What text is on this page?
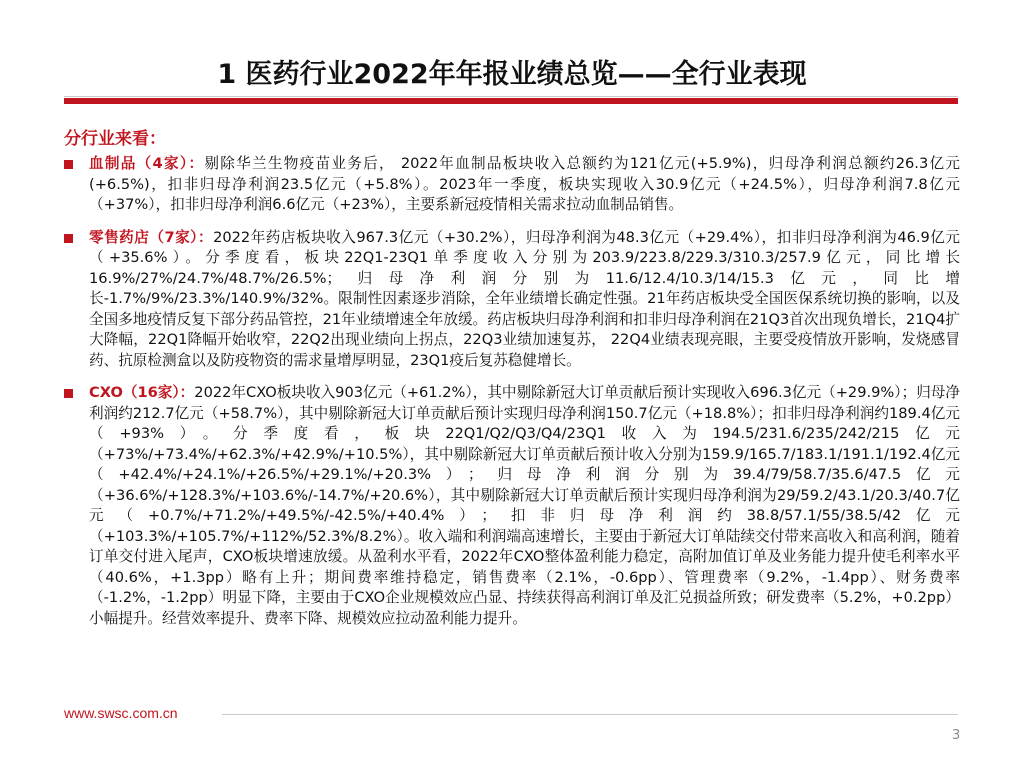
1 医药行业2022年年报业绩总览——全行业表现
分行业来看：
血制品（4家）：剔除华兰生物疫苗业务后， 2022年血制品板块收入总额约为121亿元(+5.9%)，归母净利润总额约26.3亿元(+6.5%)，扣非归母净利润23.5亿元（+5.8%）。2023年一季度，板块实现收入30.9亿元（+24.5%），归母净利润7.8亿元（+37%），扣非归母净利润6.6亿元（+23%），主要系新冠疫情相关需求拉动血制品销售。
零售药店（7家）：2022年药店板块收入967.3亿元（+30.2%），归母净利润为48.3亿元（+29.4%），扣非归母净利润为46.9亿元（+35.6%）。分季度看，板块22Q1-23Q1单季度收入分别为203.9/223.8/229.3/310.3/257.9亿元，同比增长16.9%/27%/24.7%/48.7%/26.5%；归母净利润分别为11.6/12.4/10.3/14/15.3亿元，同比增长-1.7%/9%/23.3%/140.9%/32%。限制性因素逐步消除，全年业绩增长确定性强。21年药店板块受全国医保系统切换的影响，以及全国多地疫情反复下部分药品管控，21年业绩增速全年放缓。药店板块归母净利润和扣非归母净利润在21Q3首次出现负增长，21Q4扩大降幅，22Q1降幅开始收窄，22Q2出现业绩向上拐点，22Q3业绩加速复苏， 22Q4业绩表现亮眼，主要受疫情放开影响，发烧感冒药、抗原检测盒以及防疫物资的需求量增厚明显，23Q1疫后复苏稳健增长。
CXO（16家）：2022年CXO板块收入903亿元（+61.2%），其中剔除新冠大订单贡献后预计实现收入696.3亿元（+29.9%）；归母净利润约212.7亿元（+58.7%），其中剔除新冠大订单贡献后预计实现归母净利润150.7亿元（+18.8%）；扣非归母净利润约189.4亿元（+93%）。分季度看，板块22Q1/Q2/Q3/Q4/23Q1收入为194.5/231.6/235/242/215亿元（+73%/+73.4%/+62.3%/+42.9%/+10.5%），其中剔除新冠大订单贡献后预计收入分别为159.9/165.7/183.1/191.1/192.4亿元（+42.4%/+24.1%/+26.5%/+29.1%/+20.3%）；归母净利润分别为39.4/79/58.7/35.6/47.5亿元（+36.6%/+128.3%/+103.6%/-14.7%/+20.6%），其中剔除新冠大订单贡献后预计实现归母净利润为29/59.2/43.1/20.3/40.7亿元（+0.7%/+71.2%/+49.5%/-42.5%/+40.4%）；扣非归母净利润约38.8/57.1/55/38.5/42亿元（+103.3%/+105.7%/+112%/52.3%/8.2%）。收入端和利润端高速增长，主要由于新冠大订单陆续交付带来高收入和高利润，随着订单交付进入尾声，CXO板块增速放缓。从盈利水平看，2022年CXO整体盈利能力稳定，高附加值订单及业务能力提升使毛利率水平（40.6%，+1.3pp）略有上升；期间费率维持稳定，销售费率（2.1%，-0.6pp）、管理费率（9.2%，-1.4pp）、财务费率（-1.2%，-1.2pp）明显下降，主要由于CXO企业规模效应凸显、持续获得高利润订单及汇兑损益所致；研发费率（5.2%，+0.2pp）小幅提升。经营效率提升、费率下降、规模效应拉动盈利能力提升。
www.swsc.com.cn
3
